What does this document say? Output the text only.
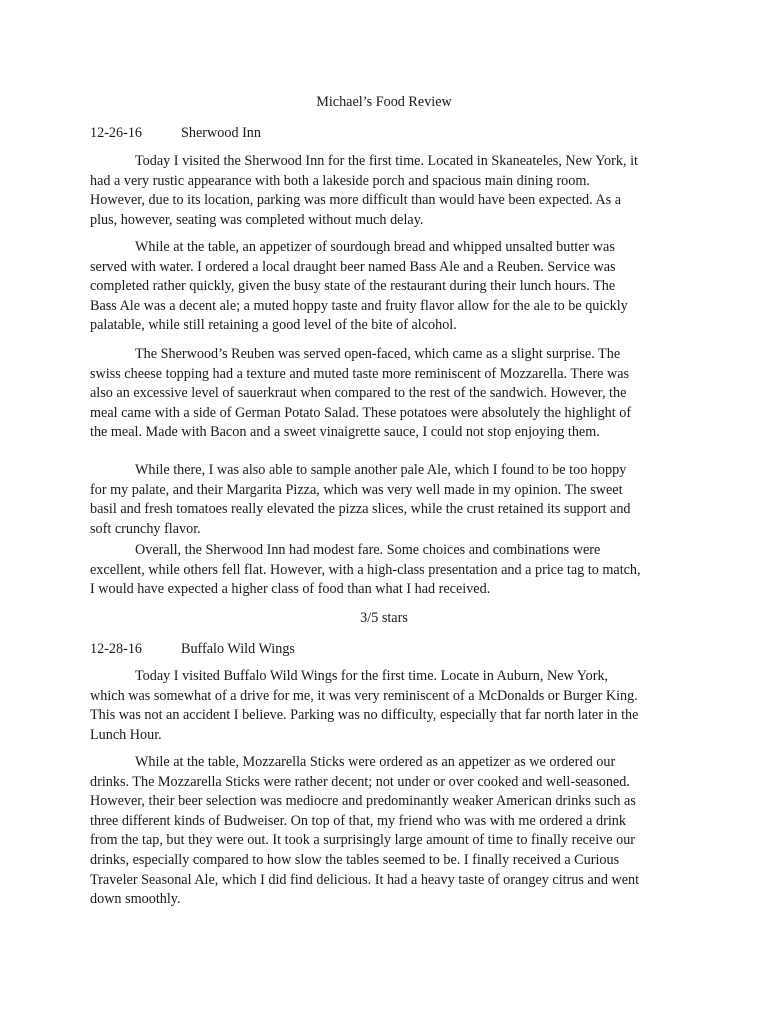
Michael’s Food Review
12-26-16	Sherwood Inn

Today I visited the Sherwood Inn for the first time. Located in Skaneateles, New York, it
had a very rustic appearance with both a lakeside porch and spacious main dining room.
However, due to its location, parking was more difficult than would have been expected. As a
plus, however, seating was completed without much delay.

While at the table, an appetizer of sourdough bread and whipped unsalted butter was
served with water. I ordered a local draught beer named Bass Ale and a Reuben. Service was
completed rather quickly, given the busy state of the restaurant during their lunch hours. The
Bass Ale was a decent ale; a muted hoppy taste and fruity flavor allow for the ale to be quickly
palatable, while still retaining a good level of the bite of alcohol.

The Sherwood’s Reuben was served open-faced, which came as a slight surprise. The
swiss cheese topping had a texture and muted taste more reminiscent of Mozzarella. There was
also an excessive level of sauerkraut when compared to the rest of the sandwich. However, the
meal came with a side of German Potato Salad. These potatoes were absolutely the highlight of
the meal. Made with Bacon and a sweet vinaigrette sauce, I could not stop enjoying them.

While there, I was also able to sample another pale Ale, which I found to be too hoppy
for my palate, and their Margarita Pizza, which was very well made in my opinion. The sweet
basil and fresh tomatoes really elevated the pizza slices, while the crust retained its support and
soft crunchy flavor.

Overall, the Sherwood Inn had modest fare. Some choices and combinations were
excellent, while others fell flat. However, with a high-class presentation and a price tag to match,
I would have expected a higher class of food than what I had received.

3/5 stars
12-28-16	Buffalo Wild Wings

Today I visited Buffalo Wild Wings for the first time. Locate in Auburn, New York,
which was somewhat of a drive for me, it was very reminiscent of a McDonalds or Burger King.
This was not an accident I believe. Parking was no difficulty, especially that far north later in the
Lunch Hour.

While at the table, Mozzarella Sticks were ordered as an appetizer as we ordered our
drinks. The Mozzarella Sticks were rather decent; not under or over cooked and well-seasoned.
However, their beer selection was mediocre and predominantly weaker American drinks such as
three different kinds of Budweiser. On top of that, my friend who was with me ordered a drink
from the tap, but they were out. It took a surprisingly large amount of time to finally receive our
drinks, especially compared to how slow the tables seemed to be. I finally received a Curious
Traveler Seasonal Ale, which I did find delicious. It had a heavy taste of orangey citrus and went
down smoothly.
